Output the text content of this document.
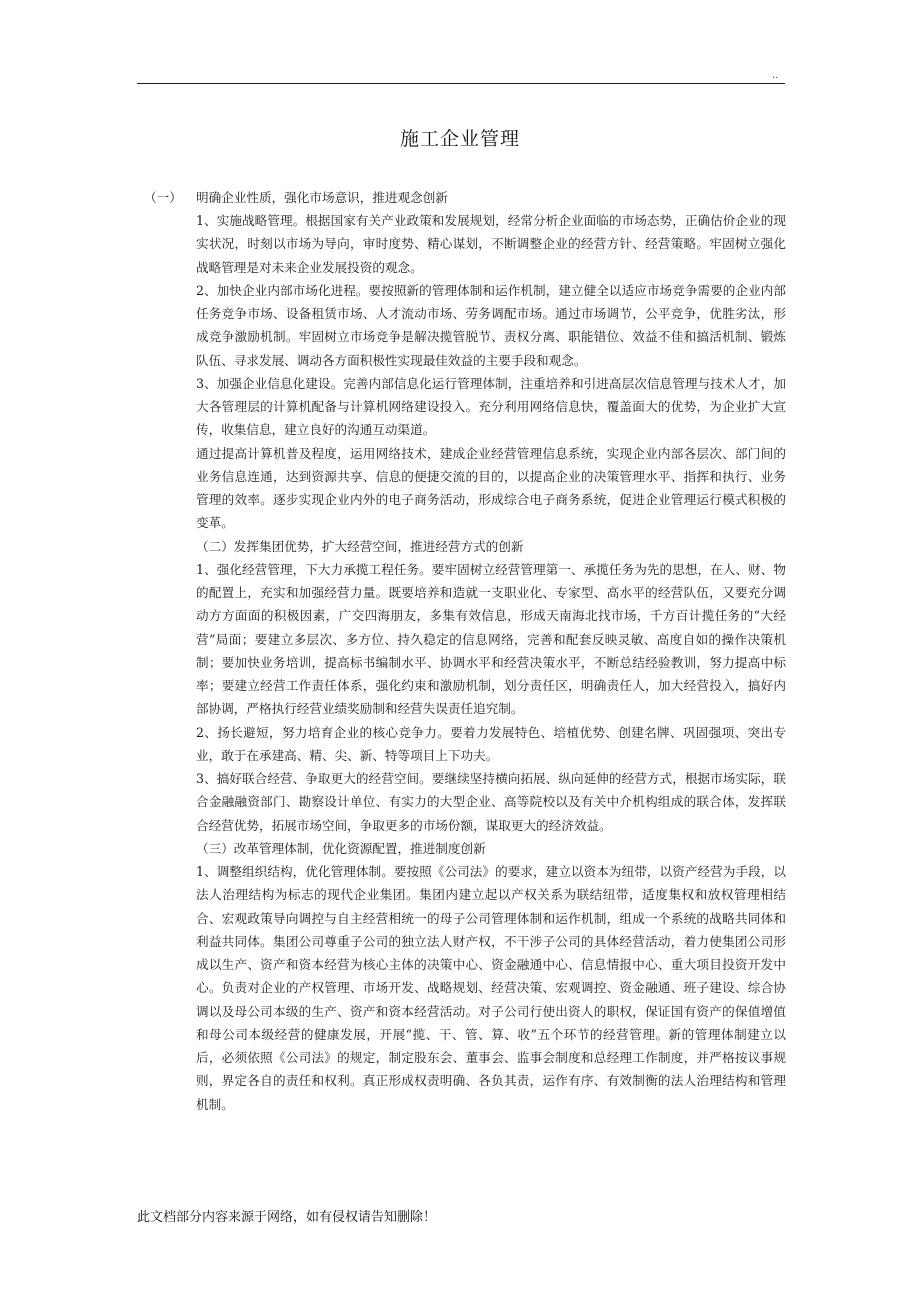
..
施工企业管理
（一） 明确企业性质，强化市场意识，推进观念创新

1、实施战略管理。根据国家有关产业政策和发展规划，经常分析企业面临的市场态势，正确估价企业的现实状况，时刻以市场为导向，审时度势、精心谋划，不断调整企业的经营方针、经营策略。牢固树立强化战略管理是对未来企业发展投资的观念。

2、加快企业内部市场化进程。要按照新的管理体制和运作机制，建立健全以适应市场竞争需要的企业内部任务竞争市场、设备租赁市场、人才流动市场、劳务调配市场。通过市场调节，公平竞争，优胜劣汰，形成竞争激励机制。牢固树立市场竞争是解决揽管脱节、责权分离、职能错位、效益不佳和搞活机制、锻炼队伍、寻求发展、调动各方面积极性实现最佳效益的主要手段和观念。

3、加强企业信息化建设。完善内部信息化运行管理体制，注重培养和引进高层次信息管理与技术人才，加大各管理层的计算机配备与计算机网络建设投入。充分利用网络信息快，覆盖面大的优势，为企业扩大宣传，收集信息，建立良好的沟通互动渠道。

通过提高计算机普及程度，运用网络技术，建成企业经营管理信息系统，实现企业内部各层次、部门间的业务信息连通，达到资源共享、信息的便捷交流的目的，以提高企业的决策管理水平、指挥和执行、业务管理的效率。逐步实现企业内外的电子商务活动，形成综合电子商务系统，促进企业管理运行模式积极的变革。

（二）发挥集团优势，扩大经营空间，推进经营方式的创新

1、强化经营管理，下大力承揽工程任务。要牢固树立经营管理第一、承揽任务为先的思想，在人、财、物的配置上，充实和加强经营力量。既要培养和造就一支职业化、专家型、高水平的经营队伍，又要充分调动方方面面的积极因素，广交四海朋友，多集有效信息，形成天南海北找市场，千方百计揽任务的“大经营”局面；要建立多层次、多方位、持久稳定的信息网络，完善和配套反映灵敏、高度自如的操作决策机制；要加快业务培训，提高标书编制水平、协调水平和经营决策水平，不断总结经验教训，努力提高中标率；要建立经营工作责任体系，强化约束和激励机制，划分责任区，明确责任人，加大经营投入，搞好内部协调，严格执行经营业绩奖励制和经营失误责任追究制。

2、扬长避短，努力培育企业的核心竞争力。要着力发展特色、培植优势、创建名牌、巩固强项、突出专业，敢于在承建高、精、尖、新、特等项目上下功夫。

3、搞好联合经营、争取更大的经营空间。要继续坚持横向拓展、纵向延伸的经营方式，根据市场实际，联合金融融资部门、勘察设计单位、有实力的大型企业、高等院校以及有关中介机构组成的联合体，发挥联合经营优势，拓展市场空间，争取更多的市场份额，谋取更大的经济效益。

（三）改革管理体制，优化资源配置，推进制度创新

1、调整组织结构，优化管理体制。要按照《公司法》的要求，建立以资本为纽带，以资产经营为手段，以法人治理结构为标志的现代企业集团。集团内建立起以产权关系为联结纽带，适度集权和放权管理相结合、宏观政策导向调控与自主经营相统一的母子公司管理体制和运作机制，组成一个系统的战略共同体和利益共同体。集团公司尊重子公司的独立法人财产权，不干涉子公司的具体经营活动，着力使集团公司形成以生产、资产和资本经营为核心主体的决策中心、资金融通中心、信息情报中心、重大项目投资开发中心。负责对企业的产权管理、市场开发、战略规划、经营决策、宏观调控、资金融通、班子建设、综合协调以及母公司本级的生产、资产和资本经营活动。对子公司行使出资人的职权，保证国有资产的保值增值和母公司本级经营的健康发展，开展“揽、干、管、算、收”五个环节的经营管理。新的管理体制建立以后，必须依照《公司法》的规定，制定股东会、董事会、监事会制度和总经理工作制度，并严格按议事规则，界定各自的责任和权利。真正形成权责明确、各负其责，运作有序、有效制衡的法人治理结构和管理机制。

此文档部分内容来源于网络，如有侵权请告知删除！
